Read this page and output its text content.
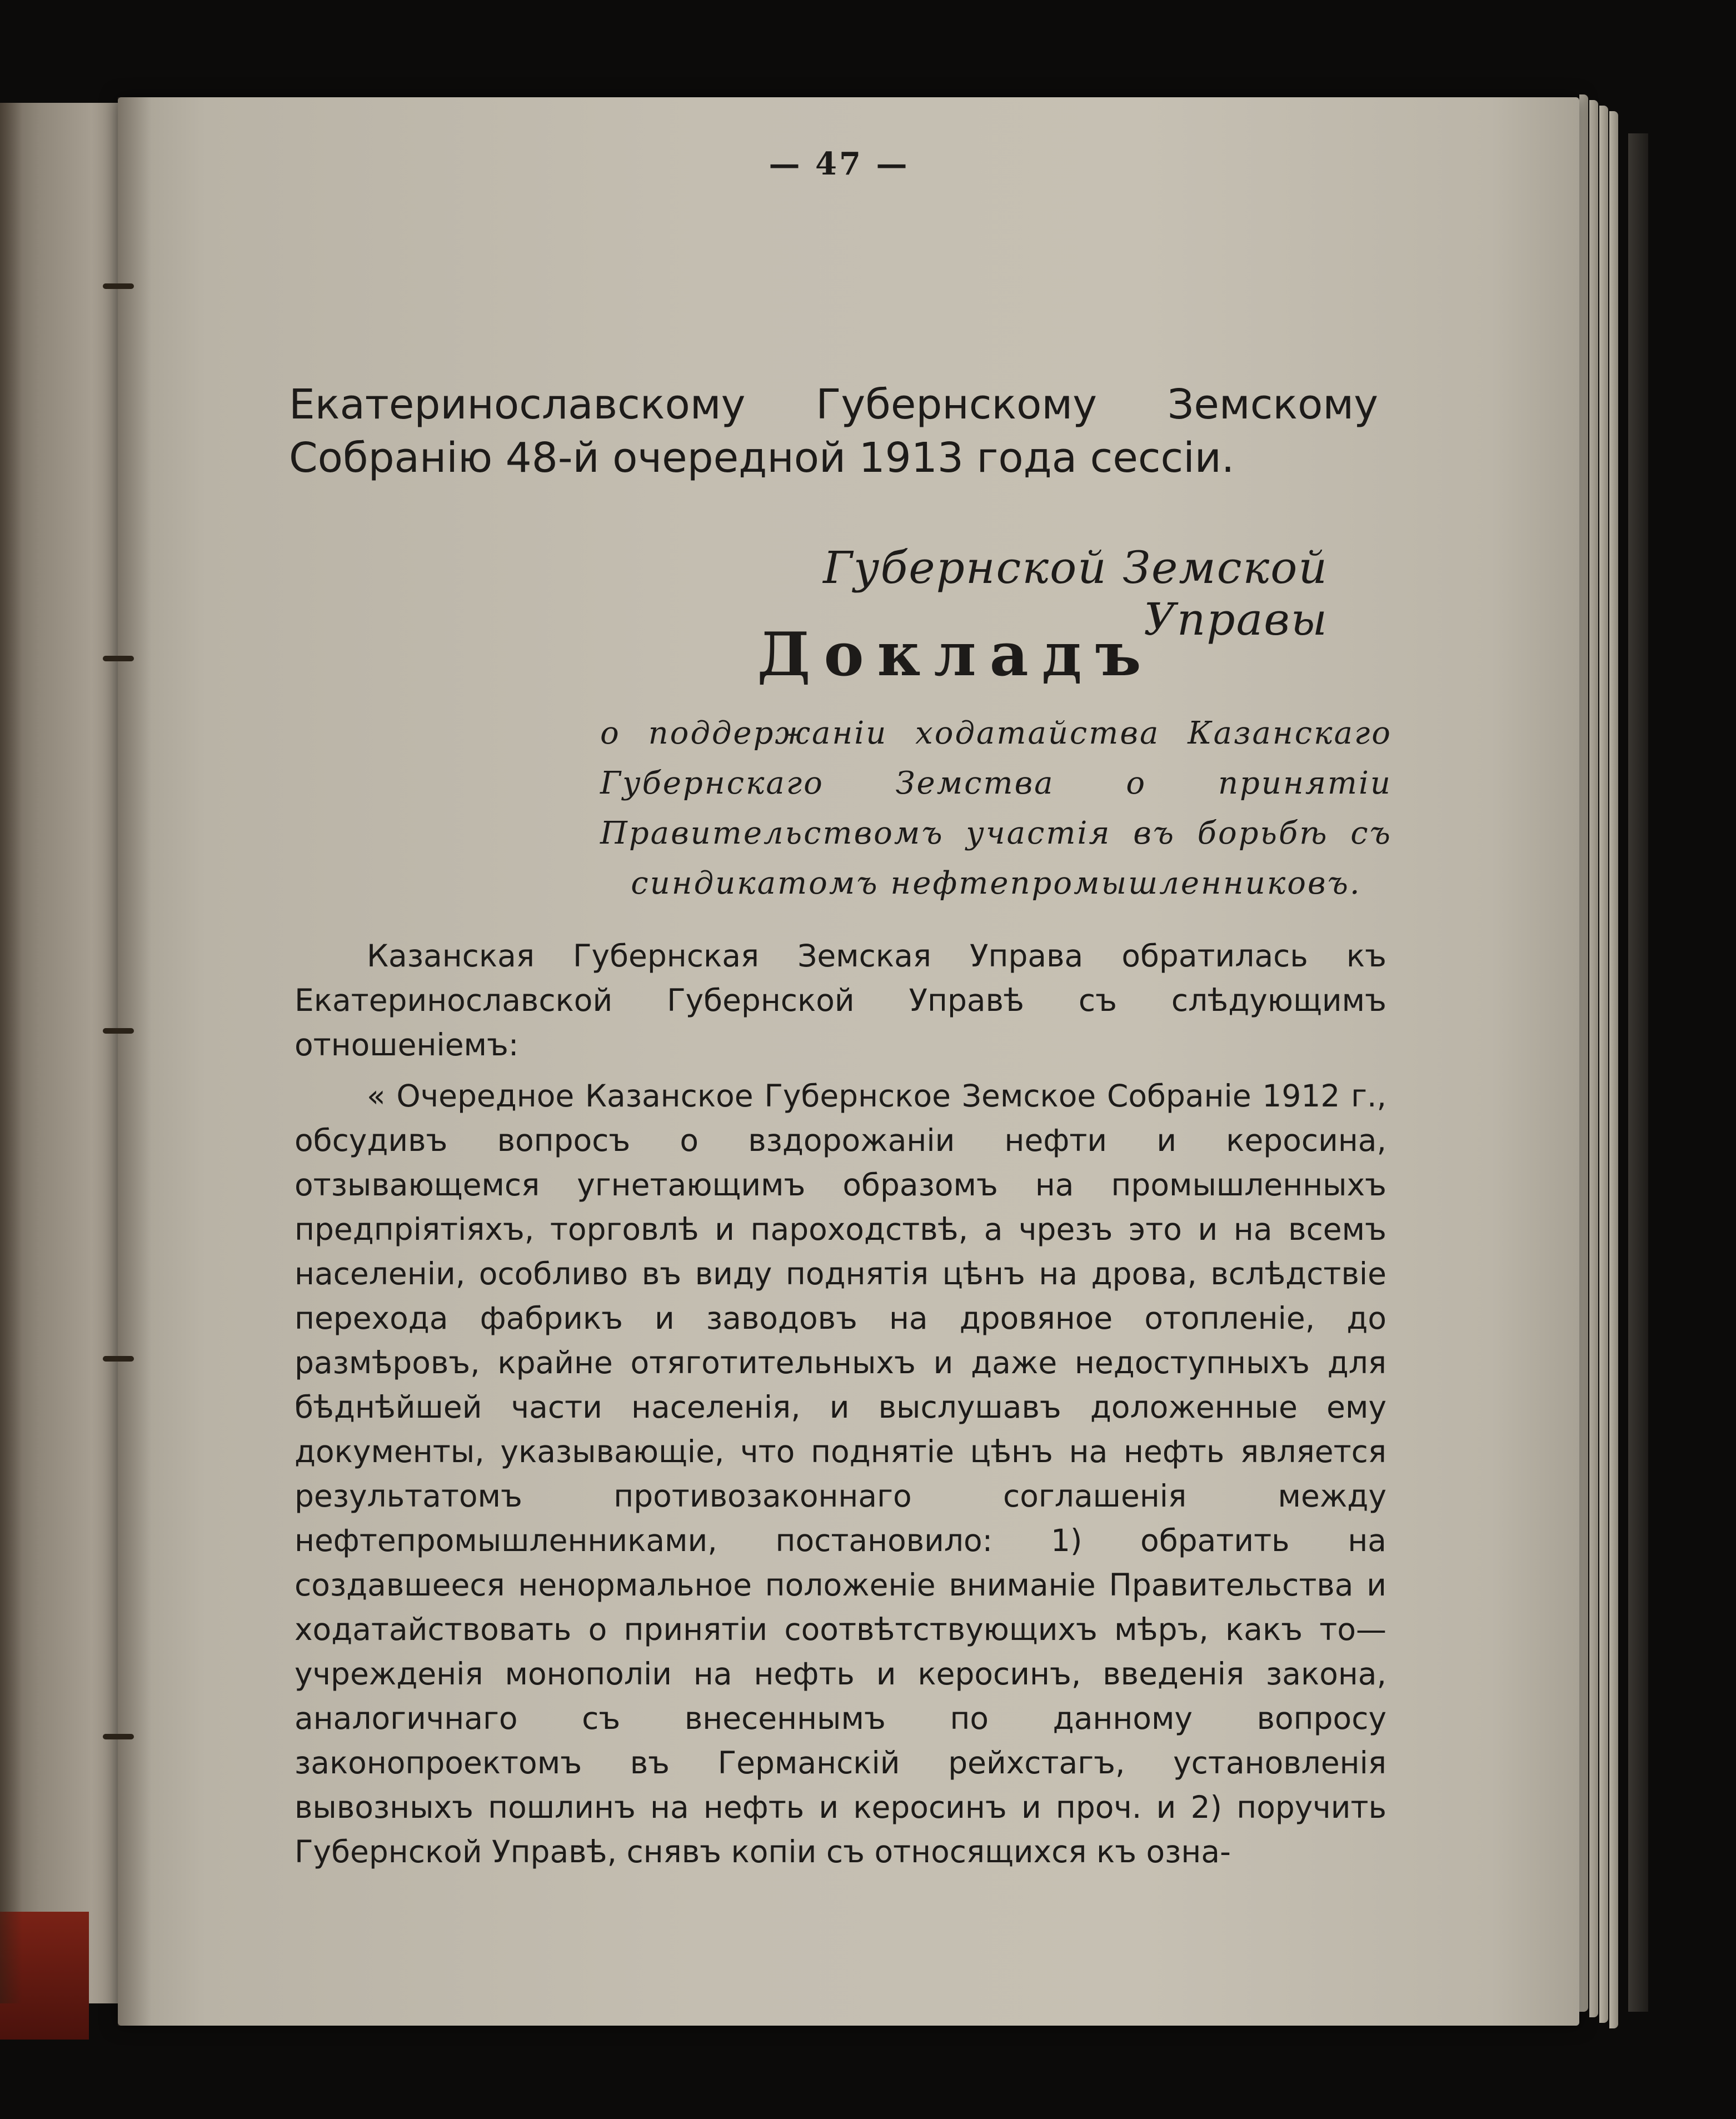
— 47 —
Екатеринославскому Губернскому Земскому Собранію 48-й очередной 1913 года сессіи.
Губернской Земской Управы
Докладъ
о поддержаніи ходатайства Казанскаго Губернскаго Земства о принятіи Правительствомъ участія въ борьбѣ съ синдикатомъ нефтепромышленниковъ.

Казанская Губернская Земская Управа обратилась къ Екатеринославской Губернской Управѣ съ слѣдующимъ отношеніемъ:

« Очередное Казанское Губернское Земское Собраніе 1912 г., обсудивъ вопросъ о вздорожаніи нефти и керосина, отзывающемся угнетающимъ образомъ на промышленныхъ предпріятіяхъ, торговлѣ и пароходствѣ, а чрезъ это и на всемъ населеніи, особливо въ виду поднятія цѣнъ на дрова, вслѣдствіе перехода фабрикъ и заводовъ на дровяное отопленіе, до размѣровъ, крайне отяготительныхъ и даже недоступныхъ для бѣднѣйшей части населенія, и выслушавъ доложенные ему документы, указывающіе, что поднятіе цѣнъ на нефть является результатомъ противозаконнаго соглашенія между нефтепромышленниками, постановило: 1) обратить на создавшееся ненормальное положеніе вниманіе Правительства и ходатайствовать о принятіи соотвѣтствующихъ мѣръ, какъ то—учрежденія монополіи на нефть и керосинъ, введенія закона, аналогичнаго съ внесеннымъ по данному вопросу законопроектомъ въ Германскій рейхстагъ, установленія вывозныхъ пошлинъ на нефть и керосинъ и проч. и 2) поручить Губернской Управѣ, снявъ копіи съ относящихся къ озна-
